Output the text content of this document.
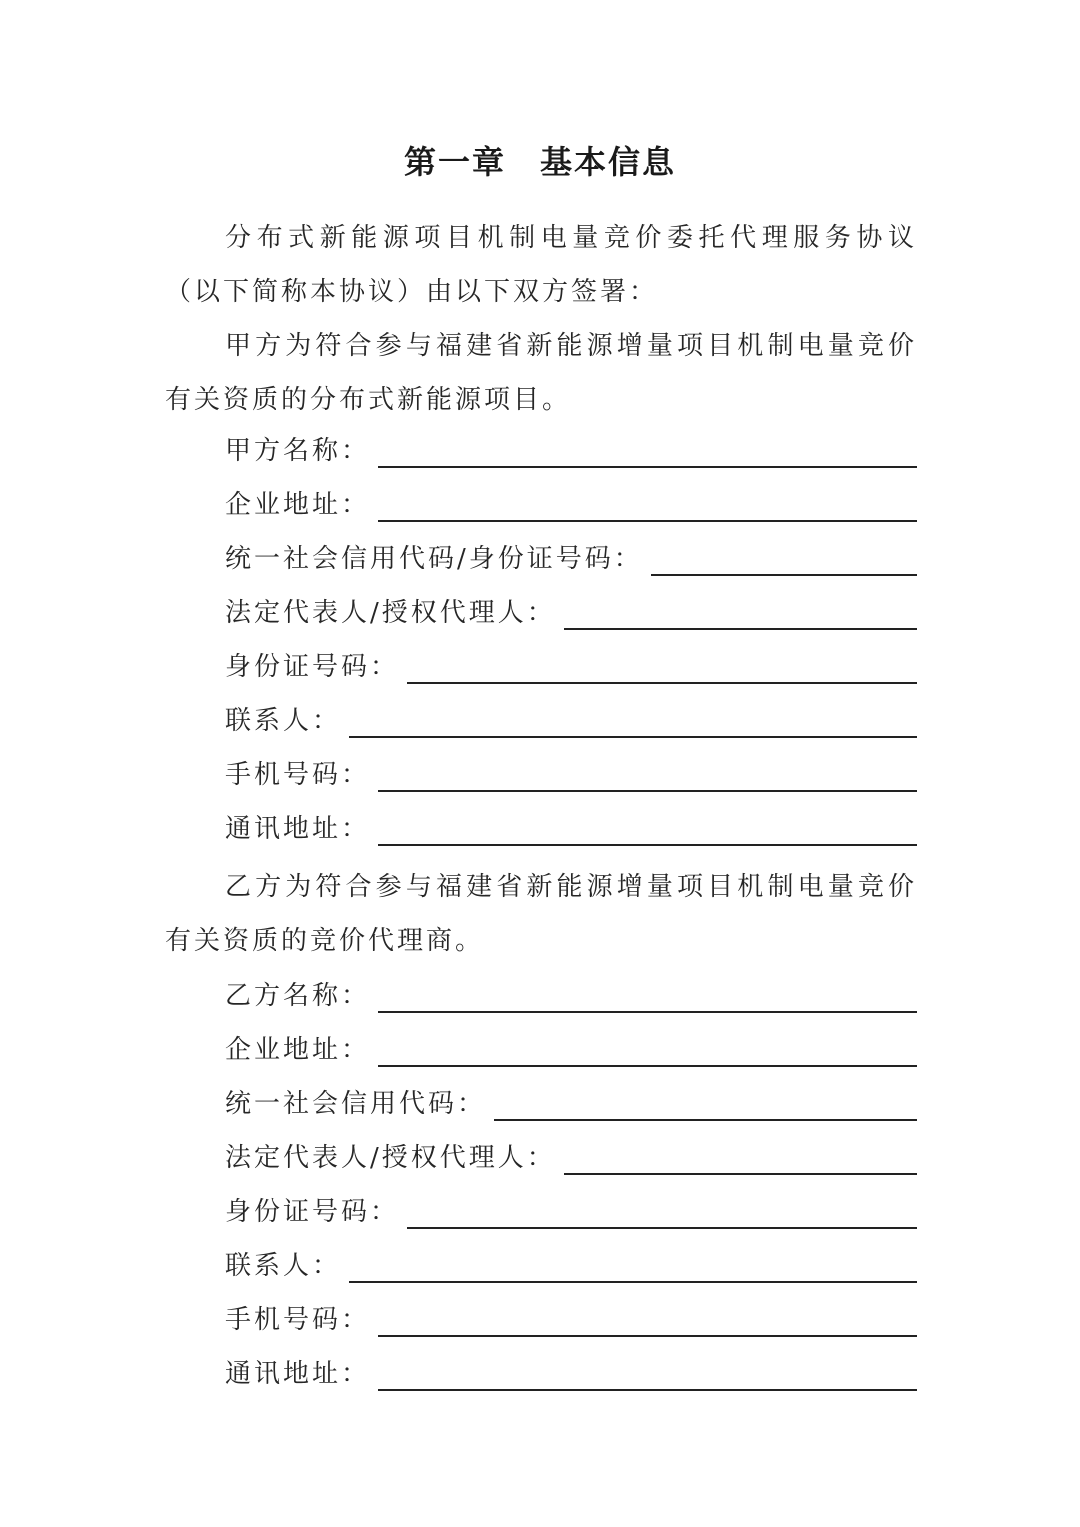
第一章 基本信息

分布式新能源项目机制电量竞价委托代理服务协议（以下简称本协议）由以下双方签署：

甲方为符合参与福建省新能源增量项目机制电量竞价有关资质的分布式新能源项目。

甲方名称：
企业地址：
统一社会信用代码/身份证号码：
法定代表人/授权代理人：
身份证号码：
联系人：
手机号码：
通讯地址：

乙方为符合参与福建省新能源增量项目机制电量竞价有关资质的竞价代理商。

乙方名称：
企业地址：
统一社会信用代码：
法定代表人/授权代理人：
身份证号码：
联系人：
手机号码：
通讯地址：
